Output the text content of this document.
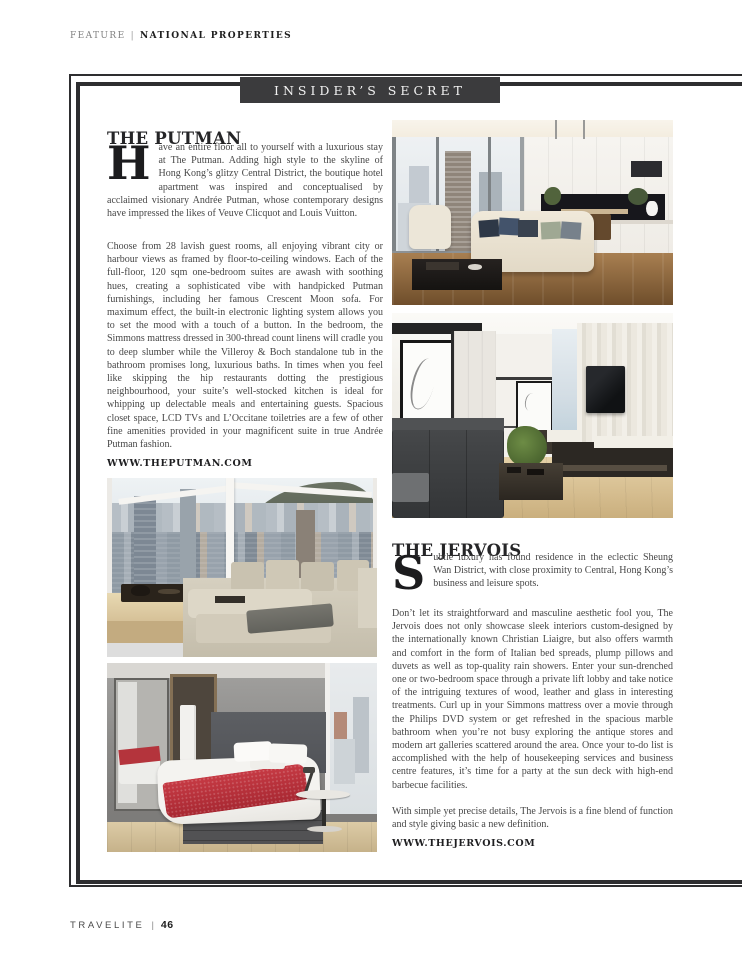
FEATURE | NATIONAL PROPERTIES
INSIDER’S SECRET
THE PUTMAN

Have an entire floor all to yourself with a luxurious stay at The Putman. Adding high style to the skyline of Hong Kong’s glitzy Central District, the boutique hotel apartment was inspired and conceptualised by acclaimed visionary Andrée Putman, whose contemporary designs have impressed the likes of Veuve Clicquot and Louis Vuitton.

Choose from 28 lavish guest rooms, all enjoying vibrant city or harbour views as framed by floor-to-ceiling windows. Each of the full-floor, 120 sqm one-bedroom suites are awash with soothing hues, creating a sophisticated vibe with handpicked Putman furnishings, including her famous Crescent Moon sofa. For maximum effect, the built-in electronic lighting system allows you to set the mood with a touch of a button. In the bedroom, the Simmons mattress dressed in 300-thread count linens will cradle you to deep slumber while the Villeroy & Boch standalone tub in the bathroom promises long, luxurious baths. In times when you feel like skipping the hip restaurants dotting the prestigious neighbourhood, your suite’s well-stocked kitchen is ideal for whipping up delectable meals and entertaining guests. Spacious closet space, LCD TVs and L’Occitane toiletries are a few of other fine amenities provided in your magnificent suite in true Andrée Putman fashion.

WWW.THEPUTMAN.COM

THE JERVOIS

Subtle luxury has found residence in the eclectic Sheung Wan District, with close proximity to Central, Hong Kong’s business and leisure spots.

Don’t let its straightforward and masculine aesthetic fool you, The Jervois does not only showcase sleek interiors custom-designed by the internationally known Christian Liaigre, but also offers warmth and comfort in the form of Italian bed spreads, plump pillows and duvets as well as top-quality rain showers. Enter your sun-drenched one or two-bedroom space through a private lift lobby and take notice of the intriguing textures of wood, leather and glass in interesting treatments. Curl up in your Simmons mattress over a movie through the Philips DVD system or get refreshed in the spacious marble bathroom when you’re not busy exploring the antique stores and modern art galleries scattered around the area. Once your to-do list is accomplished with the help of housekeeping services and business centre features, it’s time for a party at the sun deck with high-end barbecue facilities.

With simple yet precise details, The Jervois is a fine blend of function and style giving basic a new definition.

WWW.THEJERVOIS.COM

TRAVELITE | 46
